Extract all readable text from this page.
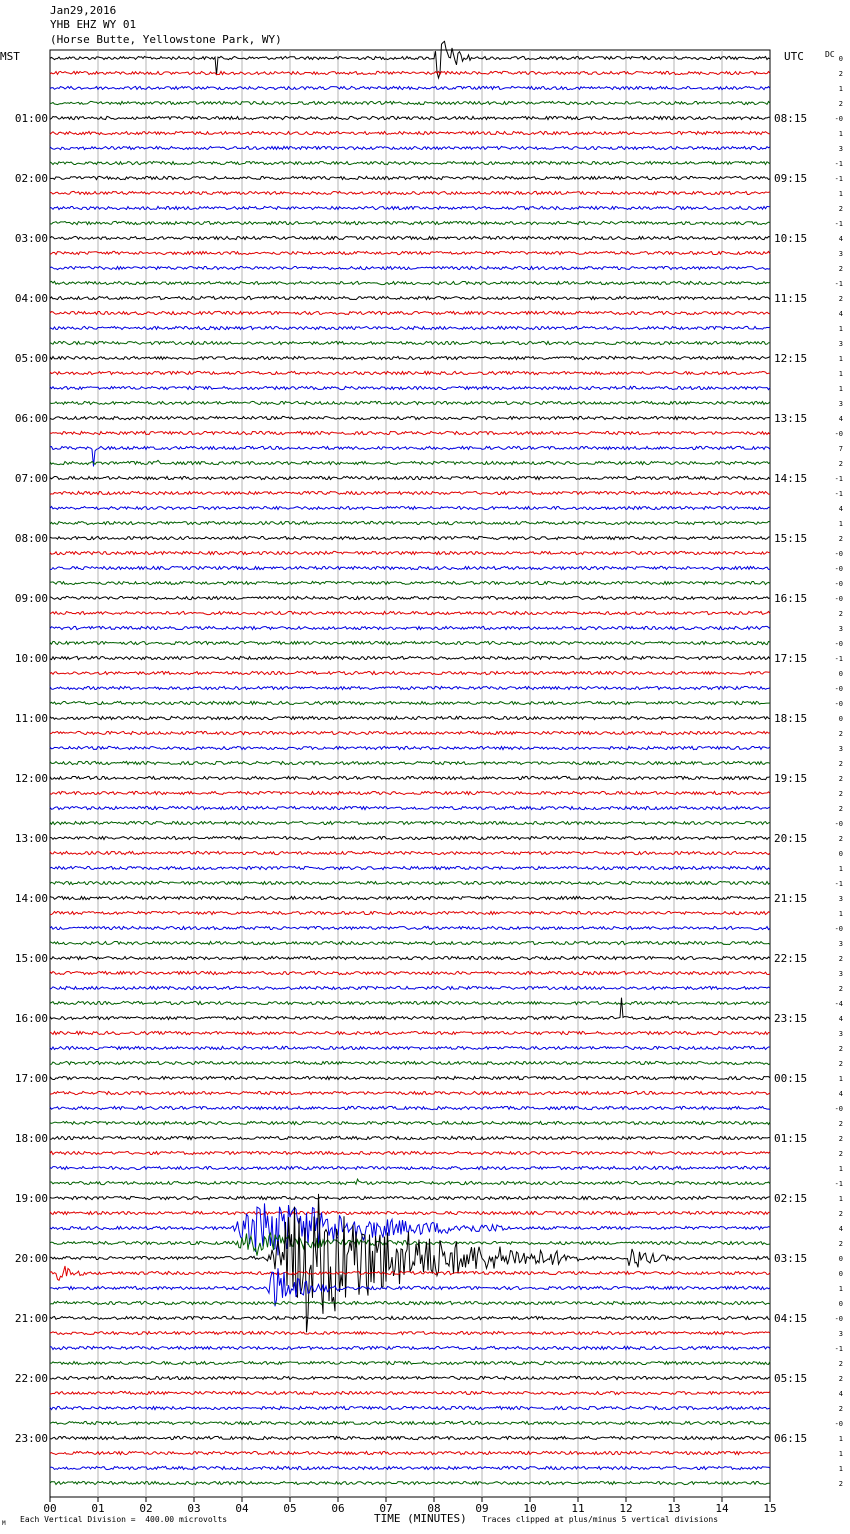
Jan29,2016
YHB EHZ WY 01
(Horse Butte, Yellowstone Park, WY)
MST	UTC	DC
00	01	02	03	04	05	06	07	08	09	10	11	12	13	14	15
0
2
1
2
-0
1
3
-1
-1
1
2
-1
4
3
2
-1
2
4
1
3
1
1
1
3
4
-0
7
2
-1
-1
4
1
2
-0
-0
-0
-0
2
3
-0
-1
0
-0
-0
0
2
3
2
2
2
2
-0
2
0
1
-1
3
1
-0
3
2
3
2
-4
4
3
2
2
1
4
-0
2
2
2
1
-1
1
2
4
2
0
0
1
0
-0
3
-1
2
2
4
2
-0
1
1
1
2
01:00
02:00
03:00
04:00
05:00
06:00
07:00
08:00
09:00
10:00
11:00
12:00
13:00
14:00
15:00
16:00
17:00
18:00
19:00
20:00
21:00
22:00
23:00
08:15
09:15
10:15
11:15
12:15
13:15
14:15
15:15
16:15
17:15
18:15
19:15
20:15
21:15
22:15
23:15
00:15
01:15
02:15
03:15
04:15
05:15
06:15
M Each Vertical Division =  400.00 microvolts	TIME (MINUTES) Traces clipped at plus/minus 5 vertical divisions
